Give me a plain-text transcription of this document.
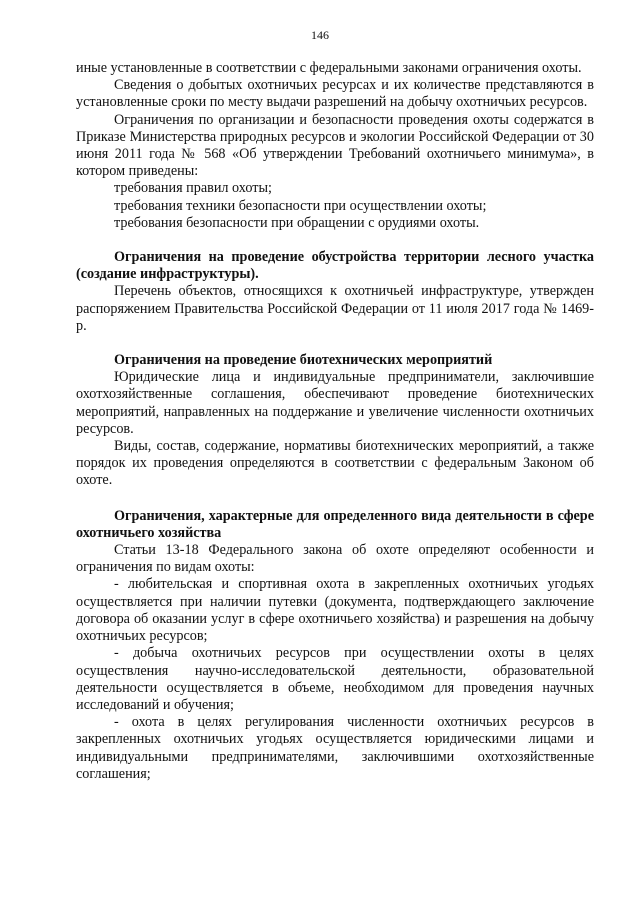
146

иные установленные в соответствии с федеральными законами ограничения охоты.

Сведения о добытых охотничьих ресурсах и их количестве представляются в установленные сроки по месту выдачи разрешений на добычу охотничьих ресурсов.

Ограничения по организации и безопасности проведения охоты содержатся в Приказе Министерства природных ресурсов и экологии Российской Федерации от 30 июня 2011 года № 568 «Об утверждении Требований охотничьего минимума», в котором приведены:

требования правил охоты;

требования техники безопасности при осуществлении охоты;

требования безопасности при обращении с орудиями охоты.

Ограничения на проведение обустройства территории лесного участка (создание инфраструктуры).

Перечень объектов, относящихся к охотничьей инфраструктуре, утвержден распоряжением Правительства Российской Федерации от 11 июля 2017 года № 1469-р.

Ограничения на проведение биотехнических мероприятий

Юридические лица и индивидуальные предприниматели, заключившие охотхозяйственные соглашения, обеспечивают проведение биотехнических мероприятий, направленных на поддержание и увеличение численности охотничьих ресурсов.

Виды, состав, содержание, нормативы биотехнических мероприятий, а также порядок их проведения определяются в соответствии с федеральным Законом об охоте.

Ограничения, характерные для определенного вида деятельности в сфере охотничьего хозяйства

Статьи 13-18 Федерального закона об охоте определяют особенности и ограничения по видам охоты:

- любительская и спортивная охота в закрепленных охотничьих угодьях осуществляется при наличии путевки (документа, подтверждающего заключение договора об оказании услуг в сфере охотничьего хозяйства) и разрешения на добычу охотничьих ресурсов;

- добыча охотничьих ресурсов при осуществлении охоты в целях осуществления научно-исследовательской деятельности, образовательной деятельности осуществляется в объеме, необходимом для проведения научных исследований и обучения;

- охота в целях регулирования численности охотничьих ресурсов в закрепленных охотничьих угодьях осуществляется юридическими лицами и индивидуальными предпринимателями, заключившими охотхозяйственные соглашения;
